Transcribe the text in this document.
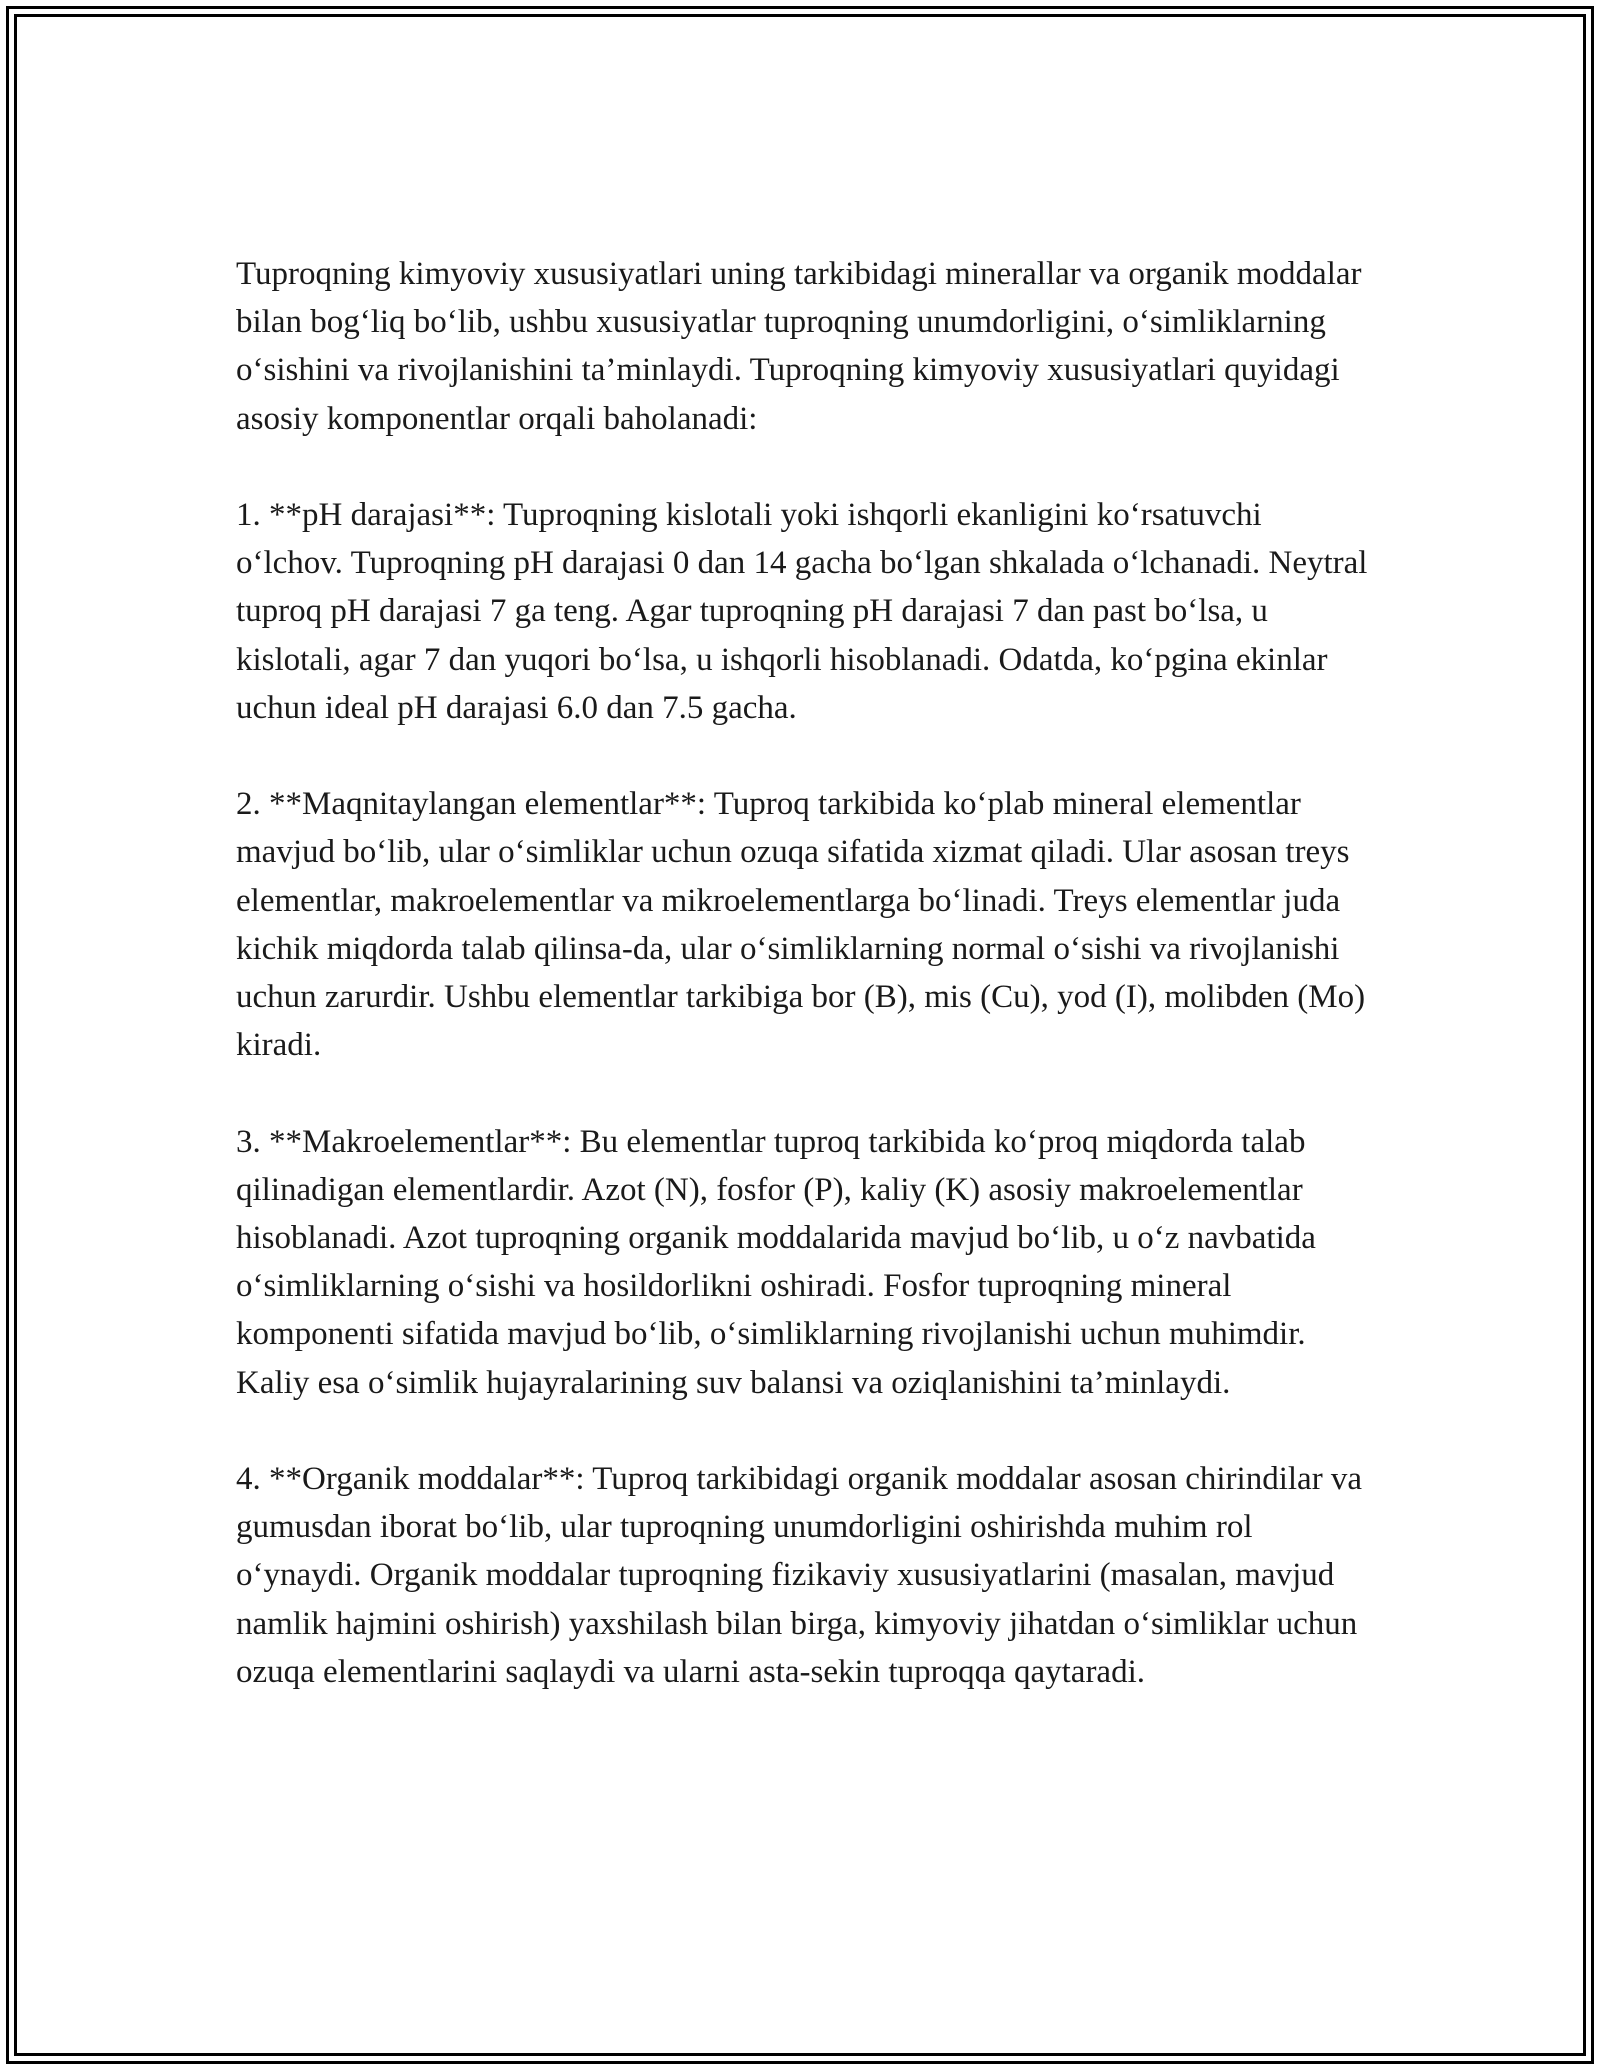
Tuproqning kimyoviy xususiyatlari uning tarkibidagi minerallar va organik moddalar bilan bog‘liq bo‘lib, ushbu xususiyatlar tuproqning unumdorligini, o‘simliklarning o‘sishini va rivojlanishini ta’minlaydi. Tuproqning kimyoviy xususiyatlari quyidagi asosiy komponentlar orqali baholanadi:

1. **pH darajasi**: Tuproqning kislotali yoki ishqorli ekanligini ko‘rsatuvchi o‘lchov. Tuproqning pH darajasi 0 dan 14 gacha bo‘lgan shkalada o‘lchanadi. Neytral tuproq pH darajasi 7 ga teng. Agar tuproqning pH darajasi 7 dan past bo‘lsa, u kislotali, agar 7 dan yuqori bo‘lsa, u ishqorli hisoblanadi. Odatda, ko‘pgina ekinlar uchun ideal pH darajasi 6.0 dan 7.5 gacha.

2. **Maqnitaylangan elementlar**: Tuproq tarkibida ko‘plab mineral elementlar mavjud bo‘lib, ular o‘simliklar uchun ozuqa sifatida xizmat qiladi. Ular asosan treys elementlar, makroelementlar va mikroelementlarga bo‘linadi. Treys elementlar juda kichik miqdorda talab qilinsa-da, ular o‘simliklarning normal o‘sishi va rivojlanishi uchun zarurdir. Ushbu elementlar tarkibiga bor (B), mis (Cu), yod (I), molibden (Mo) kiradi.

3. **Makroelementlar**: Bu elementlar tuproq tarkibida ko‘proq miqdorda talab qilinadigan elementlardir. Azot (N), fosfor (P), kaliy (K) asosiy makroelementlar hisoblanadi. Azot tuproqning organik moddalarida mavjud bo‘lib, u o‘z navbatida o‘simliklarning o‘sishi va hosildorlikni oshiradi. Fosfor tuproqning mineral komponenti sifatida mavjud bo‘lib, o‘simliklarning rivojlanishi uchun muhimdir. Kaliy esa o‘simlik hujayralarining suv balansi va oziqlanishini ta’minlaydi.

4. **Organik moddalar**: Tuproq tarkibidagi organik moddalar asosan chirindilar va gumusdan iborat bo‘lib, ular tuproqning unumdorligini oshirishda muhim rol o‘ynaydi. Organik moddalar tuproqning fizikaviy xususiyatlarini (masalan, mavjud namlik hajmini oshirish) yaxshilash bilan birga, kimyoviy jihatdan o‘simliklar uchun ozuqa elementlarini saqlaydi va ularni asta-sekin tuproqqa qaytaradi.
